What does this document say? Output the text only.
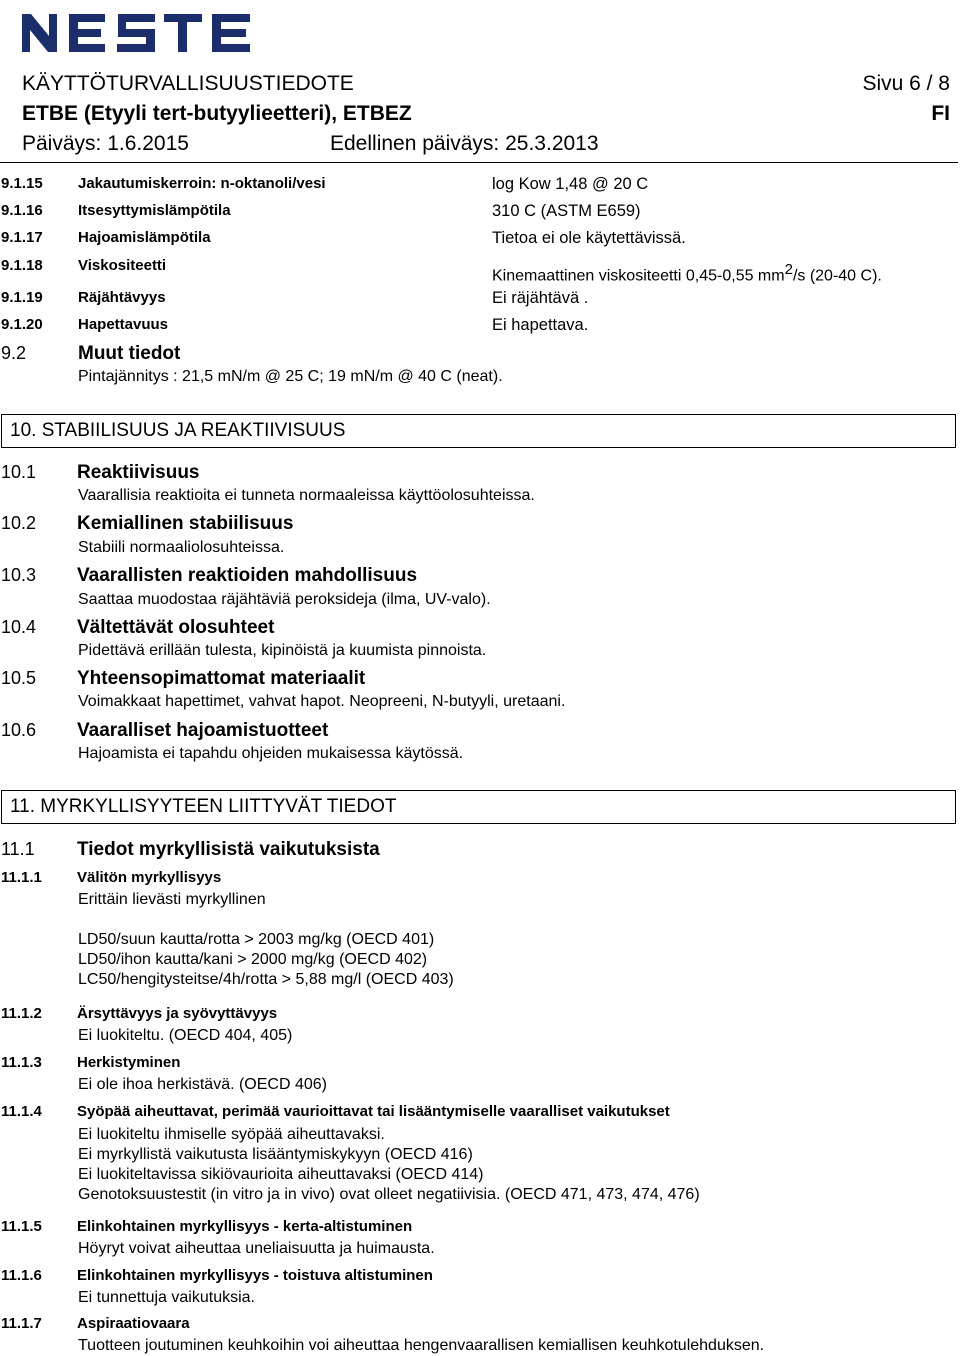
KÄYTTÖTURVALLISUUSTIEDOTE	Sivu 6 / 8
ETBE (Etyyli tert-butyylieetteri), ETBEZ	FI
Päiväys: 1.6.2015	Edellinen päiväys: 25.3.2013
9.1.15 Jakautumiskerroin: n-oktanoli/vesi	log Kow 1,48 @ 20 C
9.1.16 Itsesyttymislämpötila	310 C (ASTM E659)
9.1.17 Hajoamislämpötila	Tietoa ei ole käytettävissä.
9.1.18 Viskositeetti
Kinemaattinen viskositeetti 0,45-0,55 $mm^2/s$ (20-40 C).
9.1.19 Räjähtävyys	Ei räjähtävä .
9.1.20 Hapettavuus	Ei hapettava.
9.2	Muut tiedot
Pintajännitys : 21,5 mN/m @ 25 C; 19 mN/m @ 40 C (neat).
10. STABIILISUUS JA REAKTIIVISUUS
10.1 Reaktiivisuus
Vaarallisia reaktioita ei tunneta normaaleissa käyttöolosuhteissa.
10.2 Kemiallinen stabiilisuus
Stabiili normaaliolosuhteissa.
10.3 Vaarallisten reaktioiden mahdollisuus
Saattaa muodostaa räjähtäviä peroksideja (ilma, UV-valo).
10.4 Vältettävät olosuhteet
Pidettävä erillään tulesta, kipinöistä ja kuumista pinnoista.
10.5 Yhteensopimattomat materiaalit
Voimakkaat hapettimet, vahvat hapot. Neopreeni, N-butyyli, uretaani.
10.6 Vaaralliset hajoamistuotteet
Hajoamista ei tapahdu ohjeiden mukaisessa käytössä.
11. MYRKYLLISYYTEEN LIITTYVÄT TIEDOT
11.1 Tiedot myrkyllisistä vaikutuksista
11.1.1 Välitön myrkyllisyys
Erittäin lievästi myrkyllinen
LD50/suun kautta/rotta > 2003 mg/kg (OECD 401)
LD50/ihon kautta/kani > 2000 mg/kg (OECD 402)
LC50/hengitysteitse/4h/rotta > 5,88 mg/l (OECD 403)
11.1.2 Ärsyttävyys ja syövyttävyys
Ei luokiteltu. (OECD 404, 405)
11.1.3 Herkistyminen
Ei ole ihoa herkistävä. (OECD 406)
11.1.4 Syöpää aiheuttavat, perimää vaurioittavat tai lisääntymiselle vaaralliset vaikutukset
Ei luokiteltu ihmiselle syöpää aiheuttavaksi.
Ei myrkyllistä vaikutusta lisääntymiskykyyn (OECD 416)
Ei luokiteltavissa sikiövaurioita aiheuttavaksi (OECD 414)
Genotoksuustestit (in vitro ja in vivo) ovat olleet negatiivisia. (OECD 471, 473, 474, 476)
11.1.5 Elinkohtainen myrkyllisyys - kerta-altistuminen
Höyryt voivat aiheuttaa uneliaisuutta ja huimausta.
11.1.6 Elinkohtainen myrkyllisyys - toistuva altistuminen
Ei tunnettuja vaikutuksia.
11.1.7 Aspiraatiovaara
Tuotteen joutuminen keuhkoihin voi aiheuttaa hengenvaarallisen kemiallisen keuhkotulehduksen.
